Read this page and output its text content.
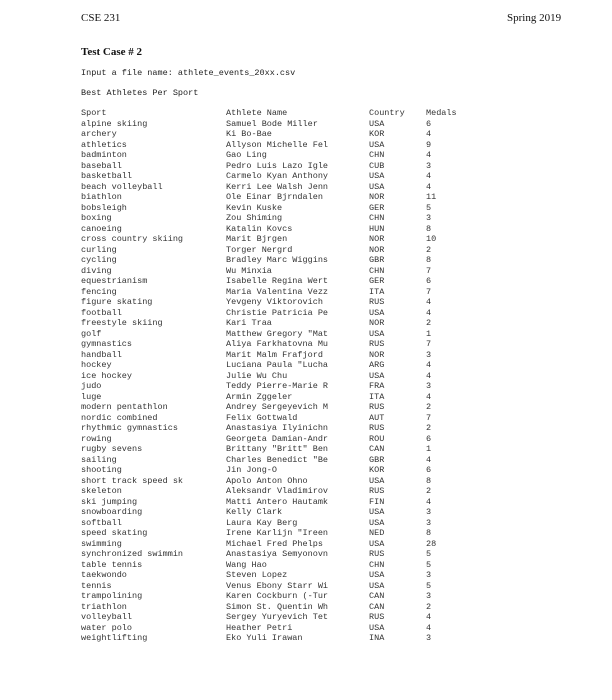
CSE 231	Spring 2019
Test Case # 2
Input a file name: athlete_events_20xx.csv
Best Athletes Per Sport
Sport	Athlete Name	Country	Medals
alpine skiing	Samuel Bode Miller	USA	6
archery	Ki Bo-Bae	KOR	4
athletics	Allyson Michelle Fel	USA	9
badminton	Gao Ling	CHN	4
baseball	Pedro Luis Lazo Igle	CUB	3
basketball	Carmelo Kyan Anthony	USA	4
beach volleyball	Kerri Lee Walsh Jenn	USA	4
biathlon	Ole Einar Bjrndalen	NOR	11
bobsleigh	Kevin Kuske	GER	5
boxing	Zou Shiming	CHN	3
canoeing	Katalin Kovcs	HUN	8
cross country skiing	Marit Bjrgen	NOR	10
curling	Torger Nergrd	NOR	2
cycling	Bradley Marc Wiggins	GBR	8
diving	Wu Minxia	CHN	7
equestrianism	Isabelle Regina Wert	GER	6
fencing	Maria Valentina Vezz	ITA	7
figure skating	Yevgeny Viktorovich	RUS	4
football	Christie Patricia Pe	USA	4
freestyle skiing	Kari Traa	NOR	2
golf	Matthew Gregory "Mat	USA	1
gymnastics	Aliya Farkhatovna Mu	RUS	7
handball	Marit Malm Frafjord	NOR	3
hockey	Luciana Paula "Lucha	ARG	4
ice hockey	Julie Wu Chu	USA	4
judo	Teddy Pierre-Marie R	FRA	3
luge	Armin Zggeler	ITA	4
modern pentathlon	Andrey Sergeyevich M	RUS	2
nordic combined	Felix Gottwald	AUT	7
rhythmic gymnastics	Anastasiya Ilyinichn	RUS	2
rowing	Georgeta Damian-Andr	ROU	6
rugby sevens	Brittany "Britt" Ben	CAN	1
sailing	Charles Benedict "Be	GBR	4
shooting	Jin Jong-O	KOR	6
short track speed sk	Apolo Anton Ohno	USA	8
skeleton	Aleksandr Vladimirov	RUS	2
ski jumping	Matti Antero Hautamk	FIN	4
snowboarding	Kelly Clark	USA	3
softball	Laura Kay Berg	USA	3
speed skating	Irene Karlijn "Ireen	NED	8
swimming	Michael Fred Phelps	USA	28
synchronized swimmin	Anastasiya Semyonovn	RUS	5
table tennis	Wang Hao	CHN	5
taekwondo	Steven Lopez	USA	3
tennis	Venus Ebony Starr Wi	USA	5
trampolining	Karen Cockburn (-Tur	CAN	3
triathlon	Simon St. Quentin Wh	CAN	2
volleyball	Sergey Yuryevich Tet	RUS	4
water polo	Heather Petri	USA	4
weightlifting	Eko Yuli Irawan	INA	3
